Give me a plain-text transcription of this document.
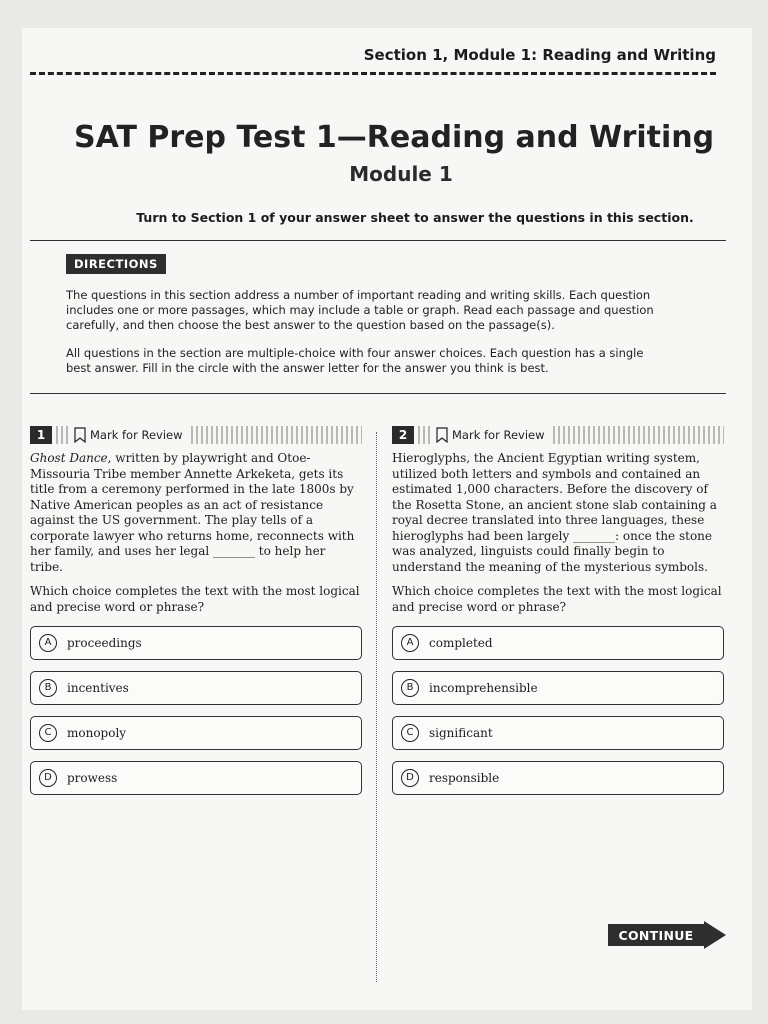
Section 1, Module 1: Reading and Writing
SAT Prep Test 1—Reading and Writing
Module 1
Turn to Section 1 of your answer sheet to answer the questions in this section.
DIRECTIONS
The questions in this section address a number of important reading and writing skills. Each question includes one or more passages, which may include a table or graph. Read each passage and question carefully, and then choose the best answer to the question based on the passage(s).
All questions in the section are multiple-choice with four answer choices. Each question has a single best answer. Fill in the circle with the answer letter for the answer you think is best.
1	Mark for Review
Ghost Dance, written by playwright and Otoe-Missouria Tribe member Annette Arkeketa, gets its title from a ceremony performed in the late 1800s by Native American peoples as an act of resistance against the US government. The play tells of a corporate lawyer who returns home, reconnects with her family, and uses her legal _______ to help her tribe.
Which choice completes the text with the most logical and precise word or phrase?
A	proceedings
B	incentives
C	monopoly
D	prowess
2	Mark for Review
Hieroglyphs, the Ancient Egyptian writing system, utilized both letters and symbols and contained an estimated 1,000 characters. Before the discovery of the Rosetta Stone, an ancient stone slab containing a royal decree translated into three languages, these hieroglyphs had been largely _______: once the stone was analyzed, linguists could finally begin to understand the meaning of the mysterious symbols.
Which choice completes the text with the most logical and precise word or phrase?
A	completed
B	incomprehensible
C	significant
D	responsible
CONTINUE
